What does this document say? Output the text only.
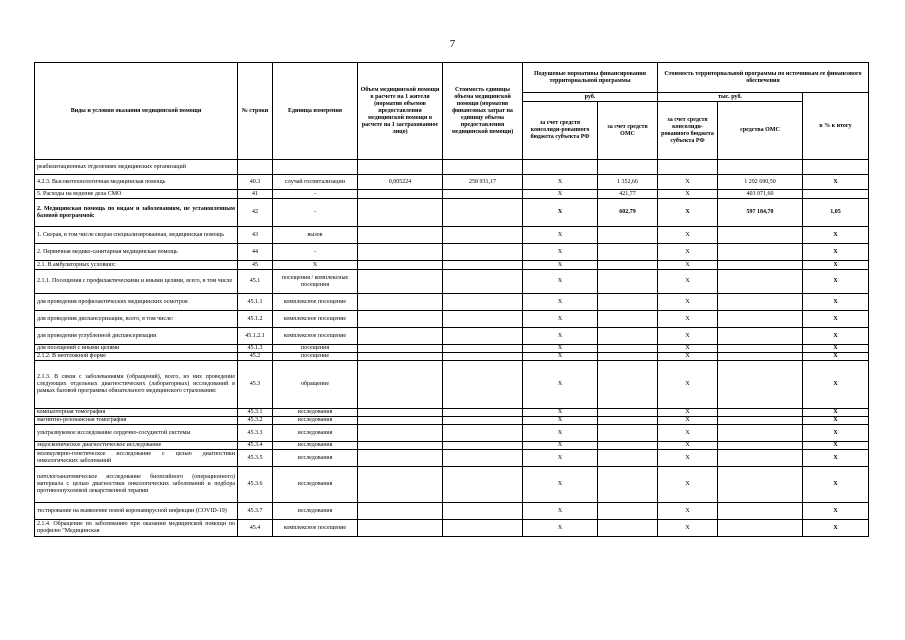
7
Виды и условия оказания медицинской помощи	№ строки	Единица измерения	Объем медицинской помощи в расчете на 1 жителя (норматив объемов предоставления медицинской помощи в расчете на 1 застрахованное лицо)	Стоимость единицы объема медицинской помощи (норматив финансовых затрат на единицу объема предоставления медицинской помощи)	Подушевые нормативы финансирования территориальной программы		Стоимость территориальной программы по источникам ее финансового обеспечения		
					руб.		тыс. руб.		в % к итогу
					за счет средств консолиди-рованного бюджета субъекта РФ	за счет средств ОМС	за счет средств консолиди-рованного бюджета субъекта РФ	средства ОМС	
реабилитационных отделениях медицинских организаций									
4.2.3. Высокотехнологичная медицинская помощь	40.3	случай госпитализации	0,005224	258 931,17	X	1 352,66	X	1 292 690,50	X
5. Расходы на ведение дела СМО	41	-			X	421,77	X	403 071,60	
2. Медицинская помощь по видам и заболеваниям, не установленным базовой программой:	42	-			X	602,79	X	597 184,70	1,05
1. Скорая, в том числе скорая специализированная, медицинская помощь	43	вызов			X		X		X
2. Первичная медико-санитарная медицинская помощь	44	-			X		X		X
2.1. В амбулаторных условиях:	45	X			X		X		X
2.1.1. Посещения с профилактическими и иными целями, всего, в том числе	45.1	посещения / комплексные посещения			X		X		X
для проведения профилактических медицинских осмотров	45.1.1	комплексное посещение			X		X		X
для проведения диспансеризации, всего, в том числе:	45.1.2	комплексное посещение			X		X		X
для проведения углубленной диспансеризации	45.1.2.1	комплексное посещение			X		X		X
для посещений с иными целями	45.1.3	посещения			X		X		X
2.1.2. В неотложной форме	45.2	посещение			X		X		X
2.1.3. В связи с заболеваниями (обращений), всего, из них проведение следующих отдельных диагностических (лабораторных) исследований в рамках базовой программы обязательного медицинского страхования:	45.3	обращение			X		X		X
компьютерная томография	45.3.1	исследования			X		X		X
магнитно-резонансная томография	45.3.2	исследования			X		X		X
ультразвуковое исследование сердечно-сосудистой системы	45.3.3	исследования			X		X		X
эндоскопическое диагностическое исследование	45.3.4	исследования			X		X		X
молекулярно-генетическое исследование с целью диагностики онкологических заболеваний	45.3.5	исследования			X		X		X
патологоанатомическое исследование биопсийного (операционного) материала с целью диагностики онкологических заболеваний и подбора противоопухолевой лекарственной терапии	45.3.6	исследования			X		X		X
тестирование на выявление новой коронавирусной инфекции (COVID-19)	45.3.7	исследования			X		X		X
2.1.4. Обращение по заболеванию при оказании медицинской помощи по профилю "Медицинская	45.4	комплексное посещение			X		X		X
